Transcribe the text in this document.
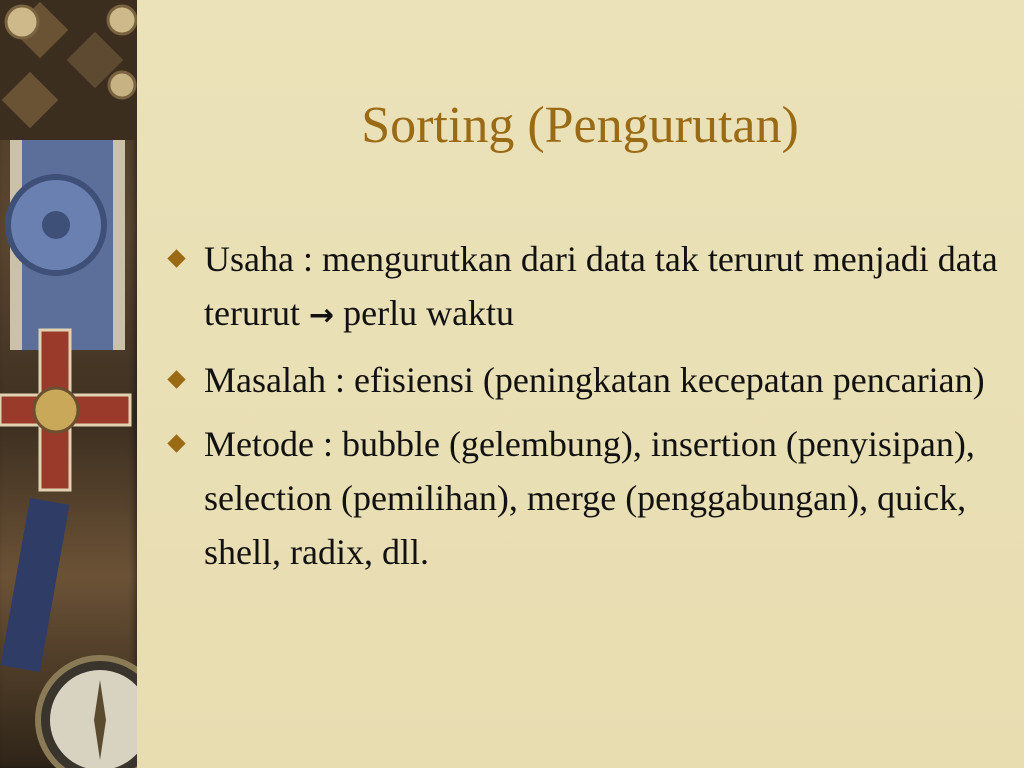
Sorting (Pengurutan)
Usaha : mengurutkan dari data tak terurut menjadi data terurut → perlu waktu
Masalah : efisiensi (peningkatan kecepatan pencarian)
Metode : bubble (gelembung), insertion (penyisipan), selection (pemilihan), merge (penggabungan), quick, shell, radix, dll.
